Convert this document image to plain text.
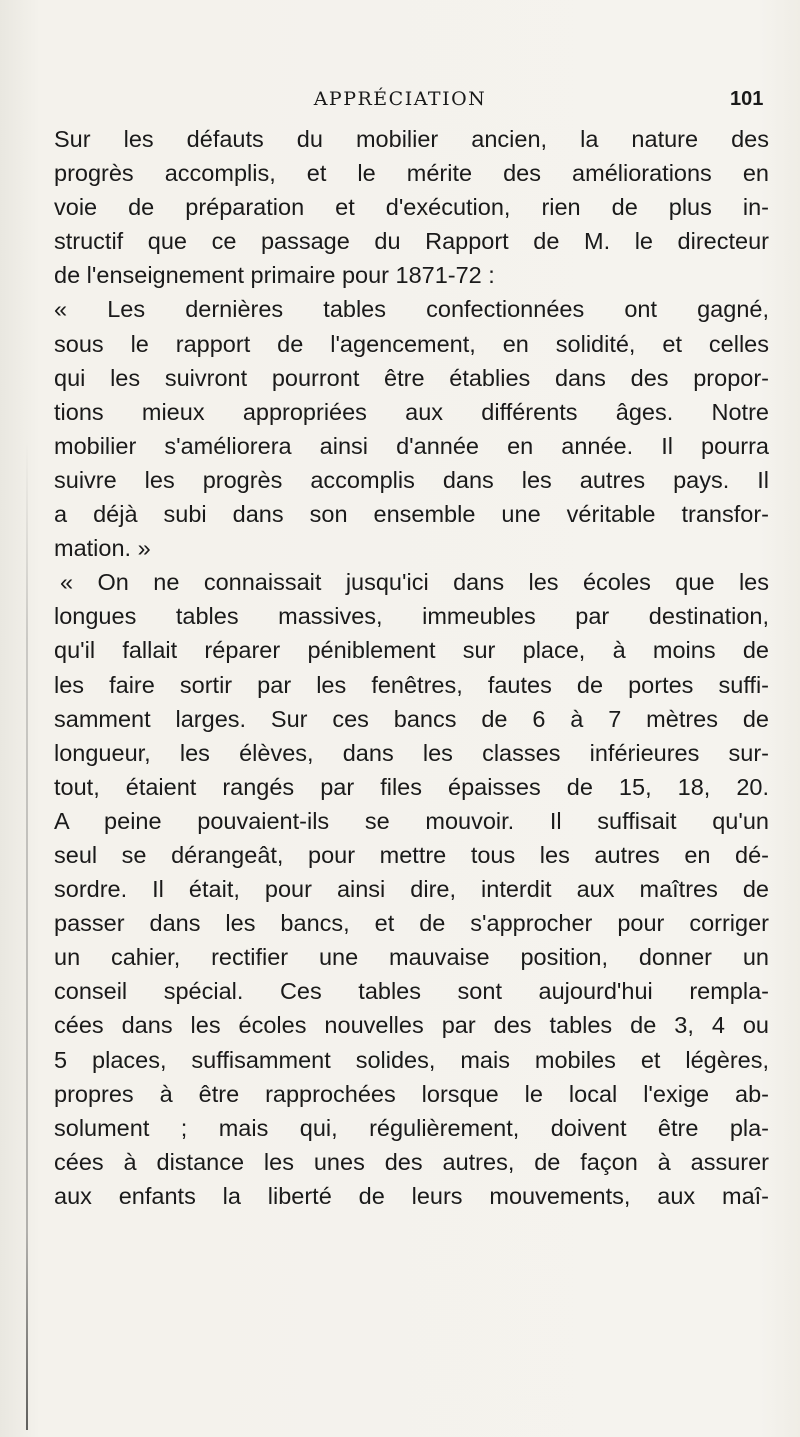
APPRÉCIATION	101
Sur les défauts du mobilier ancien, la nature des
progrès accomplis, et le mérite des améliorations en
voie de préparation et d'exécution, rien de plus in-
structif que ce passage du Rapport de M. le directeur
de l'enseignement primaire pour 1871-72 :
« Les dernières tables confectionnées ont gagné,
sous le rapport de l'agencement, en solidité, et celles
qui les suivront pourront être établies dans des propor-
tions mieux appropriées aux différents âges. Notre
mobilier s'améliorera ainsi d'année en année. Il pourra
suivre les progrès accomplis dans les autres pays. Il
a déjà subi dans son ensemble une véritable transfor-
mation. »
« On ne connaissait jusqu'ici dans les écoles que les
longues tables massives, immeubles par destination,
qu'il fallait réparer péniblement sur place, à moins de
les faire sortir par les fenêtres, fautes de portes suffi-
samment larges. Sur ces bancs de 6 à 7 mètres de
longueur, les élèves, dans les classes inférieures sur-
tout, étaient rangés par files épaisses de 15, 18, 20.
A peine pouvaient-ils se mouvoir. Il suffisait qu'un
seul se dérangeât, pour mettre tous les autres en dé-
sordre. Il était, pour ainsi dire, interdit aux maîtres de
passer dans les bancs, et de s'approcher pour corriger
un cahier, rectifier une mauvaise position, donner un
conseil spécial. Ces tables sont aujourd'hui rempla-
cées dans les écoles nouvelles par des tables de 3, 4 ou
5 places, suffisamment solides, mais mobiles et légères,
propres à être rapprochées lorsque le local l'exige ab-
solument ; mais qui, régulièrement, doivent être pla-
cées à distance les unes des autres, de façon à assurer
aux enfants la liberté de leurs mouvements, aux maî-
